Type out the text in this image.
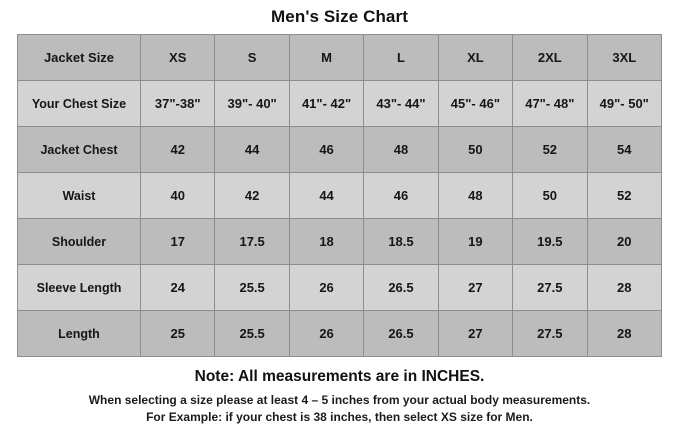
Men's Size Chart
Jacket Size	XS	S	M	L	XL	2XL	3XL
Your Chest Size	37"-38"	39"- 40"	41"- 42"	43"- 44"	45"- 46"	47"- 48"	49"- 50"
Jacket Chest	42	44	46	48	50	52	54
Waist	40	42	44	46	48	50	52
Shoulder	17	17.5	18	18.5	19	19.5	20
Sleeve Length	24	25.5	26	26.5	27	27.5	28
Length	25	25.5	26	26.5	27	27.5	28
Note: All measurements are in INCHES.
When selecting a size please at least 4 – 5 inches from your actual body measurements.
For Example: if your chest is 38 inches, then select XS size for Men.
